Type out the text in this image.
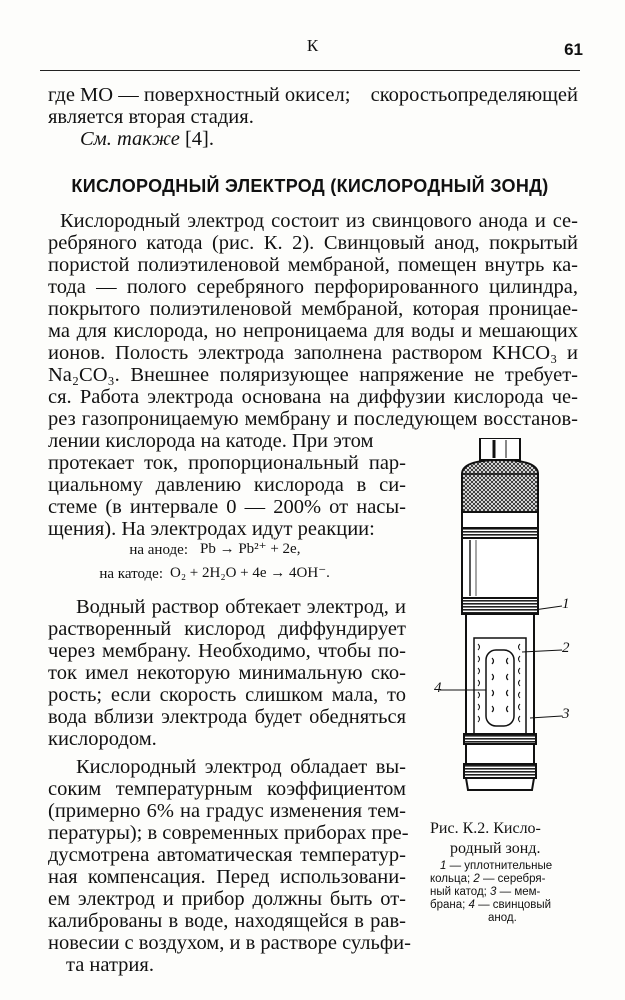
К	61
где МО — поверхностный окисел; скоростьопределяющей
является вторая стадия.
См. также [4].
КИСЛОРОДНЫЙ ЭЛЕКТРОД (КИСЛОРОДНЫЙ ЗОНД)
Кислородный электрод состоит из свинцового анода и се-
ребряного катода (рис. К. 2). Свинцовый анод, покрытый
пористой полиэтиленовой мембраной, помещен внутрь ка-
тода — полого серебряного перфорированного цилиндра,
покрытого полиэтиленовой мембраной, которая проницае-
ма для кислорода, но непроницаема для воды и мешающих
ионов. Полость электрода заполнена раствором KHCO₃ и
Na₂CO₃. Внешнее поляризующее напряжение не требует-
ся. Работа электрода основана на диффузии кислорода че-
рез газопроницаемую мембрану и последующем восстанов-
лении кислорода на катоде. При этом
протекает ток, пропорциональный пар-
циальному давлению кислорода в си-
стеме (в интервале 0 — 200% от насы-
щения). На электродах идут реакции:
на аноде: Pb → Pb²⁺ + 2e,
на катоде: O₂ + 2H₂O + 4e → 4OH⁻.
Водный раствор обтекает электрод, и
растворенный кислород диффундирует
через мембрану. Необходимо, чтобы по-
ток имел некоторую минимальную ско-
рость; если скорость слишком мала, то
вода вблизи электрода будет обедняться
кислородом.
Кислородный электрод обладает вы-
соким температурным коэффициентом
(примерно 6% на градус изменения тем-
пературы); в современных приборах пре-
дусмотрена автоматическая температур-
ная компенсация. Перед использовани-
ем электрод и прибор должны быть от-
калиброваны в воде, находящейся в рав-
новесии с воздухом, и в растворе сульфи-
та натрия.
1
2
3
4
Рис. К.2. Кисло-
родный зонд.
1 — уплотнительные
кольца; 2 — серебря-
ный катод; 3 — мем-
брана; 4 — свинцовый
анод.
